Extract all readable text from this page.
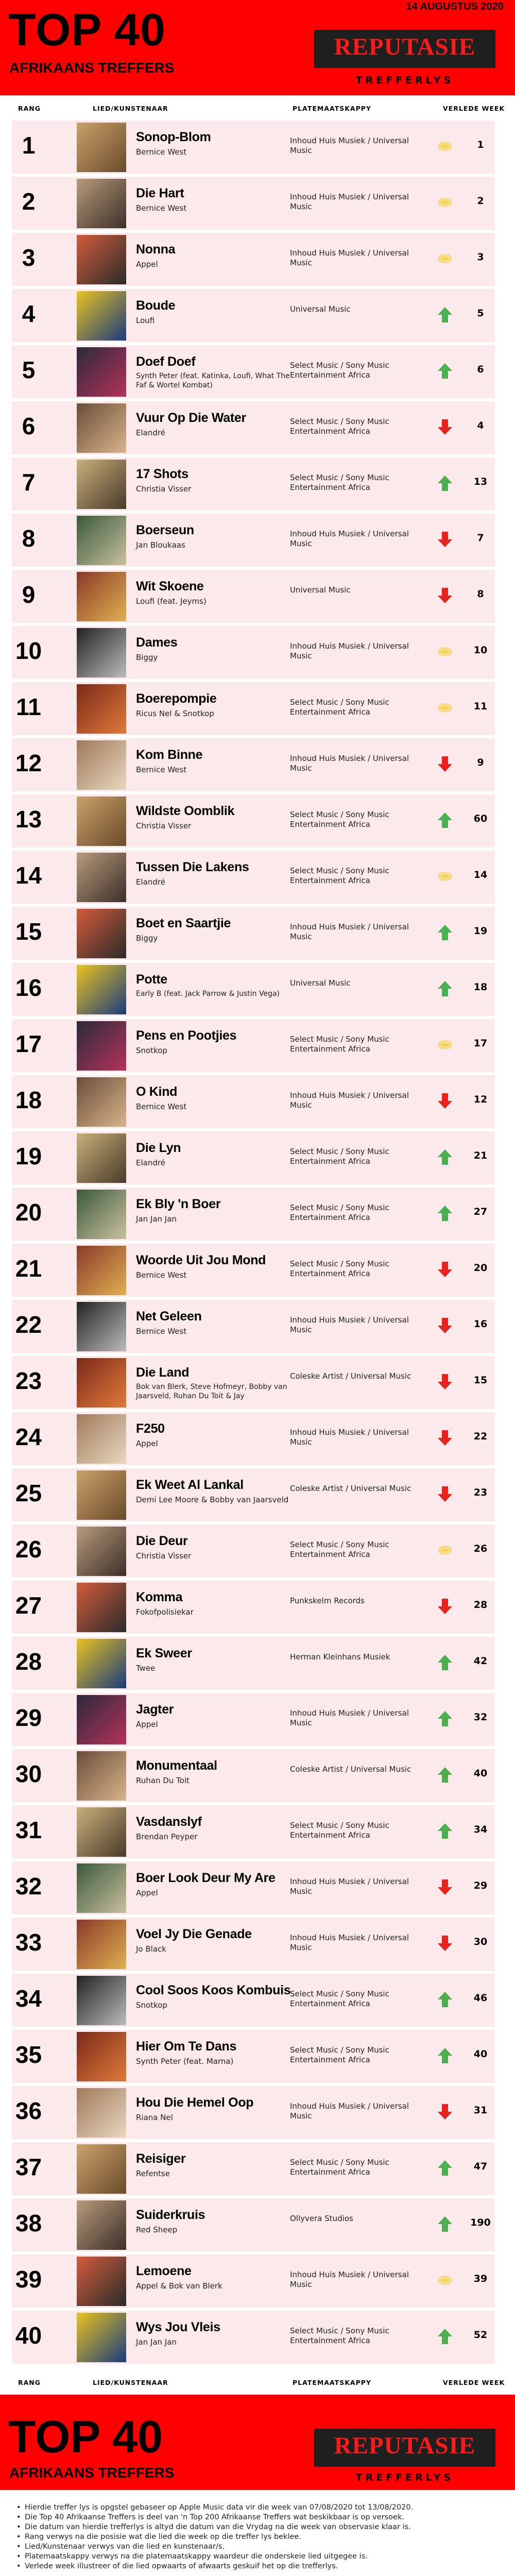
14 AUGUSTUS 2020
TOP 40
AFRIKAANS TREFFERS
REPUTASIE
TREFFERLYS
RANG	LIED/KUNSTENAAR	PLATEMAATSKAPPY	VERLEDE WEEK
1	Sonop-Blom
Bernice West
Inhoud Huis Musiek / Universal Music	1
2	Die Hart
Bernice West
Inhoud Huis Musiek / Universal Music	2
3	Nonna
Appel
Inhoud Huis Musiek / Universal Music	3
4	Boude
Loufi
Universal Music	5
5	Doef Doef
Synth Peter (feat. Katinka, Loufi, What The Faf & Wortel Kombat)
Select Music / Sony Music Entertainment Africa	6
6	Vuur Op Die Water
Elandré
Select Music / Sony Music Entertainment Africa	4
7	17 Shots
Christia Visser
Select Music / Sony Music Entertainment Africa	13
8	Boerseun
Jan Bloukaas
Inhoud Huis Musiek / Universal Music	7
9	Wit Skoene
Loufi (feat. Jeyms)
Universal Music	8
10	Dames
Biggy
Inhoud Huis Musiek / Universal Music	10
11	Boerepompie
Ricus Nel & Snotkop
Select Music / Sony Music Entertainment Africa	11
12	Kom Binne
Bernice West
Inhoud Huis Musiek / Universal Music	9
13	Wildste Oomblik
Christia Visser
Select Music / Sony Music Entertainment Africa	60
14	Tussen Die Lakens
Elandré
Select Music / Sony Music Entertainment Africa	14
15	Boet en Saartjie
Biggy
Inhoud Huis Musiek / Universal Music	19
16	Potte
Early B (feat. Jack Parrow & Justin Vega)
Universal Music	18
17	Pens en Pootjies
Snotkop
Select Music / Sony Music Entertainment Africa	17
18	O Kind
Bernice West
Inhoud Huis Musiek / Universal Music	12
19	Die Lyn
Elandré
Select Music / Sony Music Entertainment Africa	21
20	Ek Bly 'n Boer
Jan Jan Jan
Select Music / Sony Music Entertainment Africa	27
21	Woorde Uit Jou Mond
Bernice West
Select Music / Sony Music Entertainment Africa	20
22	Net Geleen
Bernice West
Inhoud Huis Musiek / Universal Music	16
23	Die Land
Bok van Blerk, Steve Hofmeyr, Bobby van Jaarsveld, Ruhan Du Toit & Jay
Coleske Artist / Universal Music	15
24	F250
Appel
Inhoud Huis Musiek / Universal Music	22
25	Ek Weet Al Lankal
Demi Lee Moore & Bobby van Jaarsveld
Coleske Artist / Universal Music	23
26	Die Deur
Christia Visser
Select Music / Sony Music Entertainment Africa	26
27	Komma
Fokofpolisiekar
Punkskelm Records	28
28	Ek Sweer
Twee
Herman Kleinhans Musiek	42
29	Jagter
Appel
Inhoud Huis Musiek / Universal Music	32
30	Monumentaal
Ruhan Du Toit
Coleske Artist / Universal Music	40
31	Vasdanslyf
Brendan Peyper
Select Music / Sony Music Entertainment Africa	34
32	Boer Look Deur My Are
Appel
Inhoud Huis Musiek / Universal Music	29
33	Voel Jy Die Genade
Jo Black
Inhoud Huis Musiek / Universal Music	30
34	Cool Soos Koos Kombuis
Snotkop
Select Music / Sony Music Entertainment Africa	46
35	Hier Om Te Dans
Synth Peter (feat. Marna)
Select Music / Sony Music Entertainment Africa	40
36	Hou Die Hemel Oop
Riana Nel
Inhoud Huis Musiek / Universal Music	31
37	Reisiger
Refentse
Select Music / Sony Music Entertainment Africa	47
38	Suiderkruis
Red Sheep
Ollyvera Studios	190
39	Lemoene
Appel & Bok van Blerk
Inhoud Huis Musiek / Universal Music	39
40	Wys Jou Vleis
Jan Jan Jan
Select Music / Sony Music Entertainment Africa	52
RANG	LIED/KUNSTENAAR	PLATEMAATSKAPPY	VERLEDE WEEK
TOP 40
AFRIKAANS TREFFERS
REPUTASIE
TREFFERLYS
• Hierdie treffer lys is opgstel gebaseer op Apple Music data vir die week van 07/08/2020 tot 13/08/2020.
• Die Top 40 Afrikaanse Treffers is deel van 'n Top 200 Afrikaanse Treffers wat beskikbaar is op versoek.
• Die datum van hierdie trefferlys is altyd die datum van die Vrydag na die week van observasie klaar is.
• Rang verwys na die posisie wat die lied die week op die treffer lys beklee.
• Lied/Kunstenaar verwys van die lied en kunstenaar/s.
• Platemaatskappy verwys na die platemaatskappy waardeur die onderskeie lied uitgegee is.
• Verlede week illustreer of die lied opwaarts of afwaarts geskuif het op die trefferlys.
